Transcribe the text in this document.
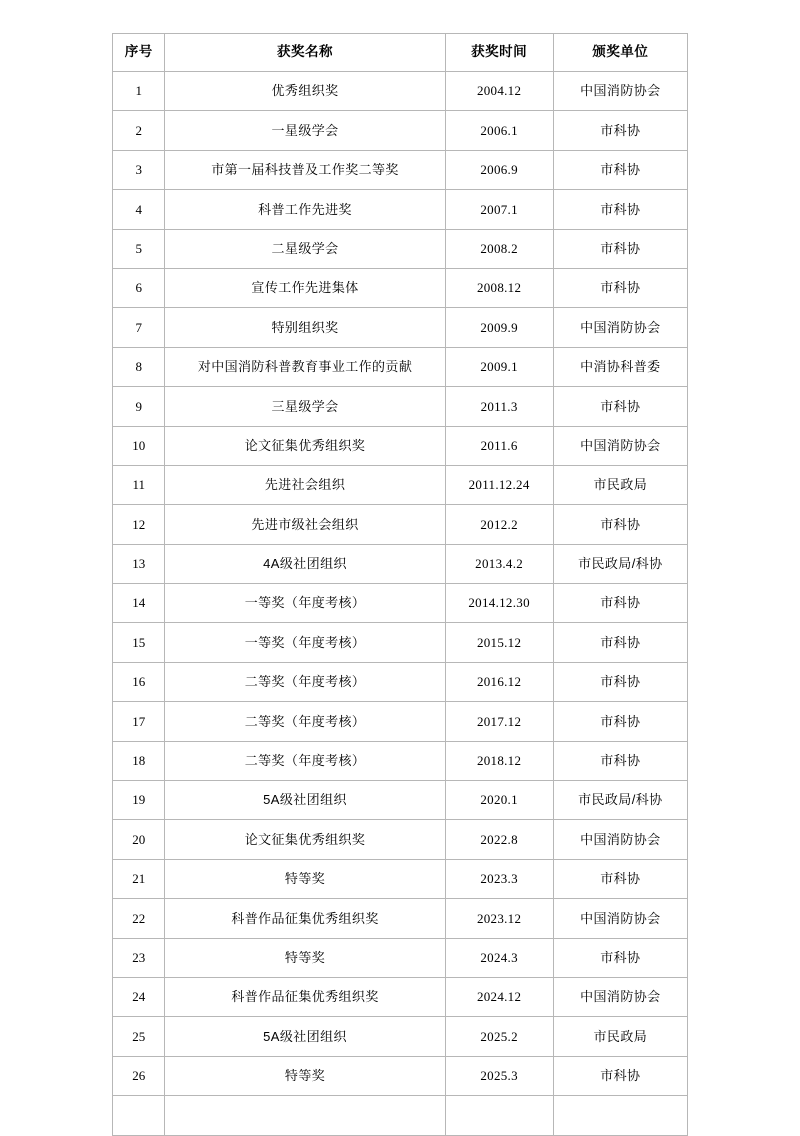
序号	获奖名称	获奖时间	颁奖单位
1	优秀组织奖	2004.12	中国消防协会
2	一星级学会	2006.1	市科协
3	市第一届科技普及工作奖二等奖	2006.9	市科协
4	科普工作先进奖	2007.1	市科协
5	二星级学会	2008.2	市科协
6	宣传工作先进集体	2008.12	市科协
7	特别组织奖	2009.9	中国消防协会
8	对中国消防科普教育事业工作的贡献	2009.1	中消协科普委
9	三星级学会	2011.3	市科协
10	论文征集优秀组织奖	2011.6	中国消防协会
11	先进社会组织	2011.12.24	市民政局
12	先进市级社会组织	2012.2	市科协
13	4A级社团组织	2013.4.2	市民政局/科协
14	一等奖（年度考核）	2014.12.30	市科协
15	一等奖（年度考核）	2015.12	市科协
16	二等奖（年度考核）	2016.12	市科协
17	二等奖（年度考核）	2017.12	市科协
18	二等奖（年度考核）	2018.12	市科协
19	5A级社团组织	2020.1	市民政局/科协
20	论文征集优秀组织奖	2022.8	中国消防协会
21	特等奖	2023.3	市科协
22	科普作品征集优秀组织奖	2023.12	中国消防协会
23	特等奖	2024.3	市科协
24	科普作品征集优秀组织奖	2024.12	中国消防协会
25	5A级社团组织	2025.2	市民政局
26	特等奖	2025.3	市科协
